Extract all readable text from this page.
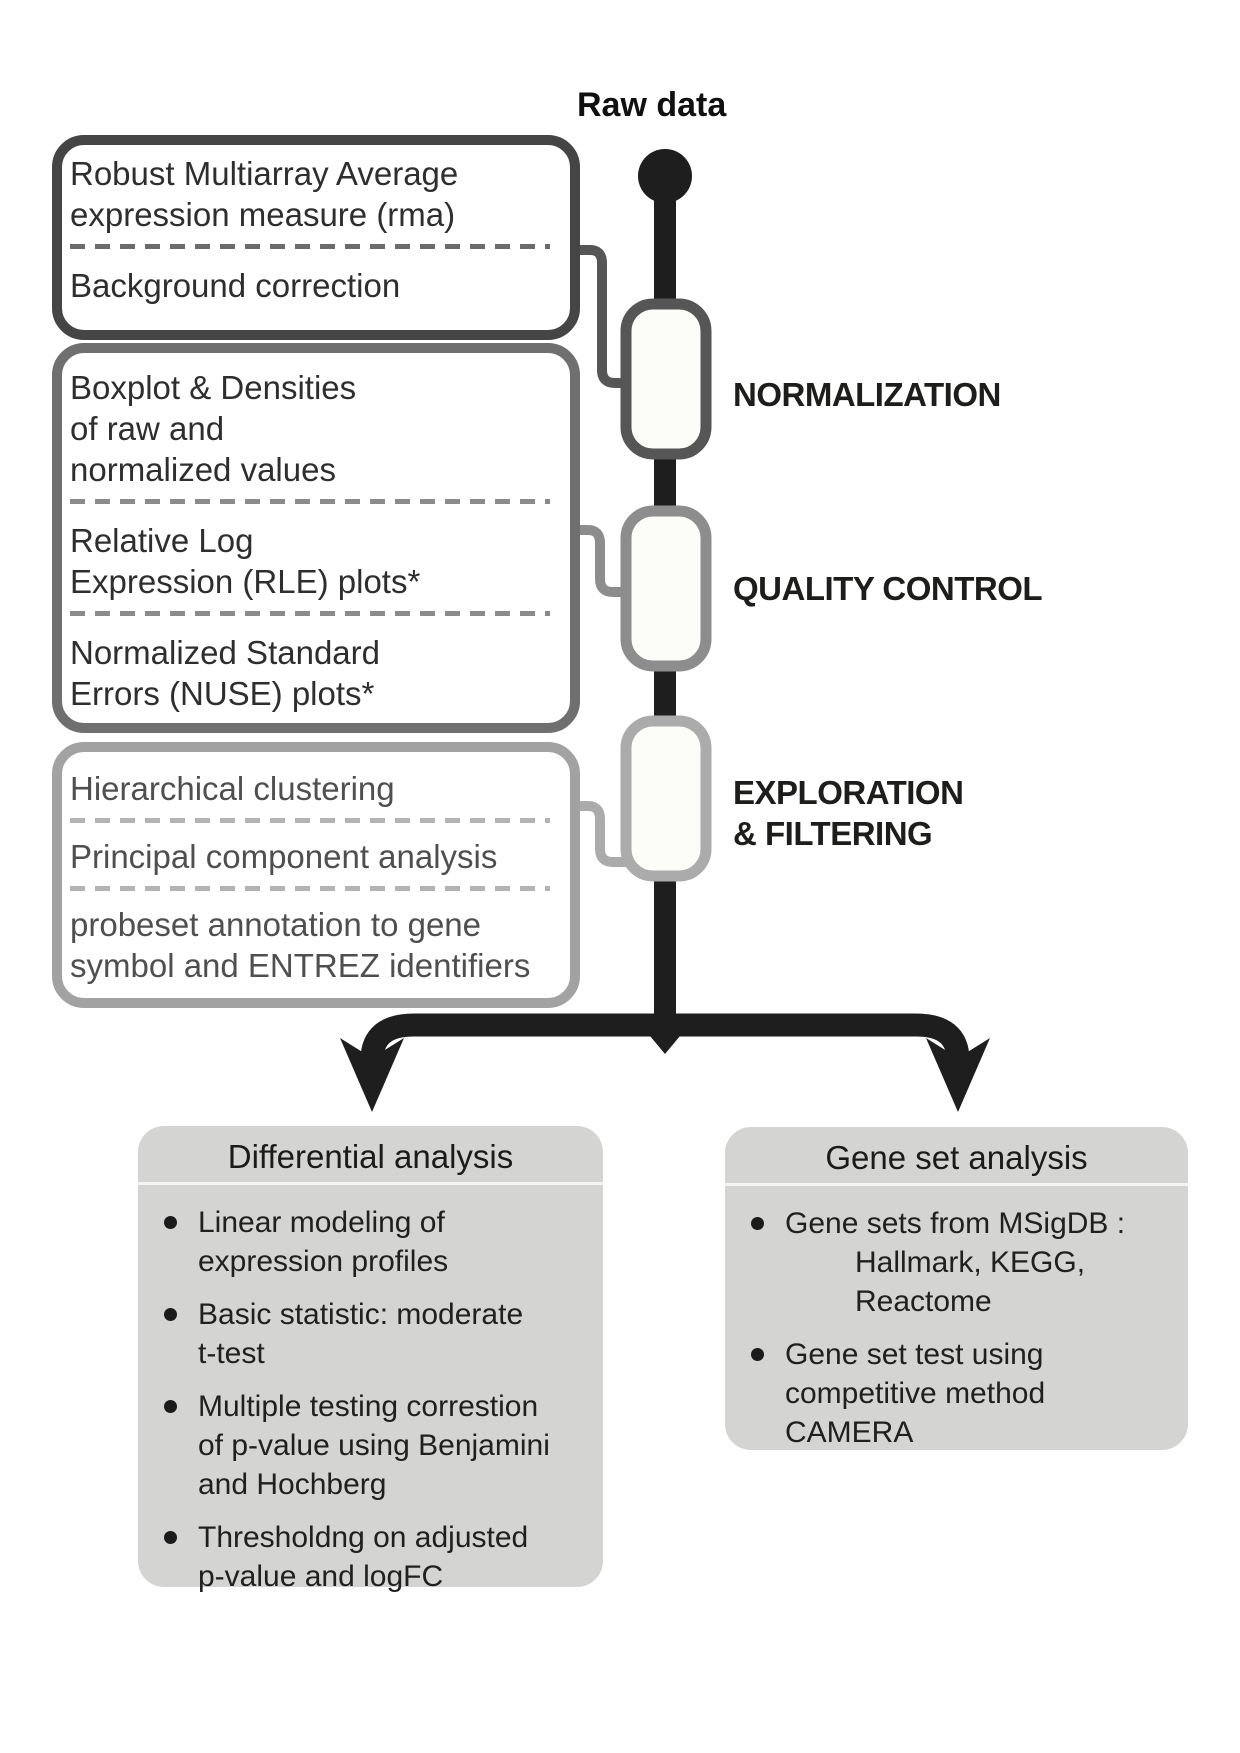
Raw data
NORMALIZATION
QUALITY CONTROL
EXPLORATION
& FILTERING
Robust Multiarray Average
expression measure (rma)
Background correction
Boxplot & Densities
of raw and
normalized values
Relative Log
Expression (RLE) plots*
Normalized Standard
Errors (NUSE) plots*
Hierarchical clustering
Principal component analysis
probeset annotation to gene
symbol and ENTREZ identifiers
Differential analysis
Linear modeling of
expression profiles
Basic statistic: moderate
t-test
Multiple testing correstion
of p-value using Benjamini
and Hochberg
Thresholdng on adjusted
p-value and logFC
Gene set analysis
Gene sets from MSigDB :
Hallmark, KEGG,
Reactome
Gene set test using
competitive method
CAMERA
